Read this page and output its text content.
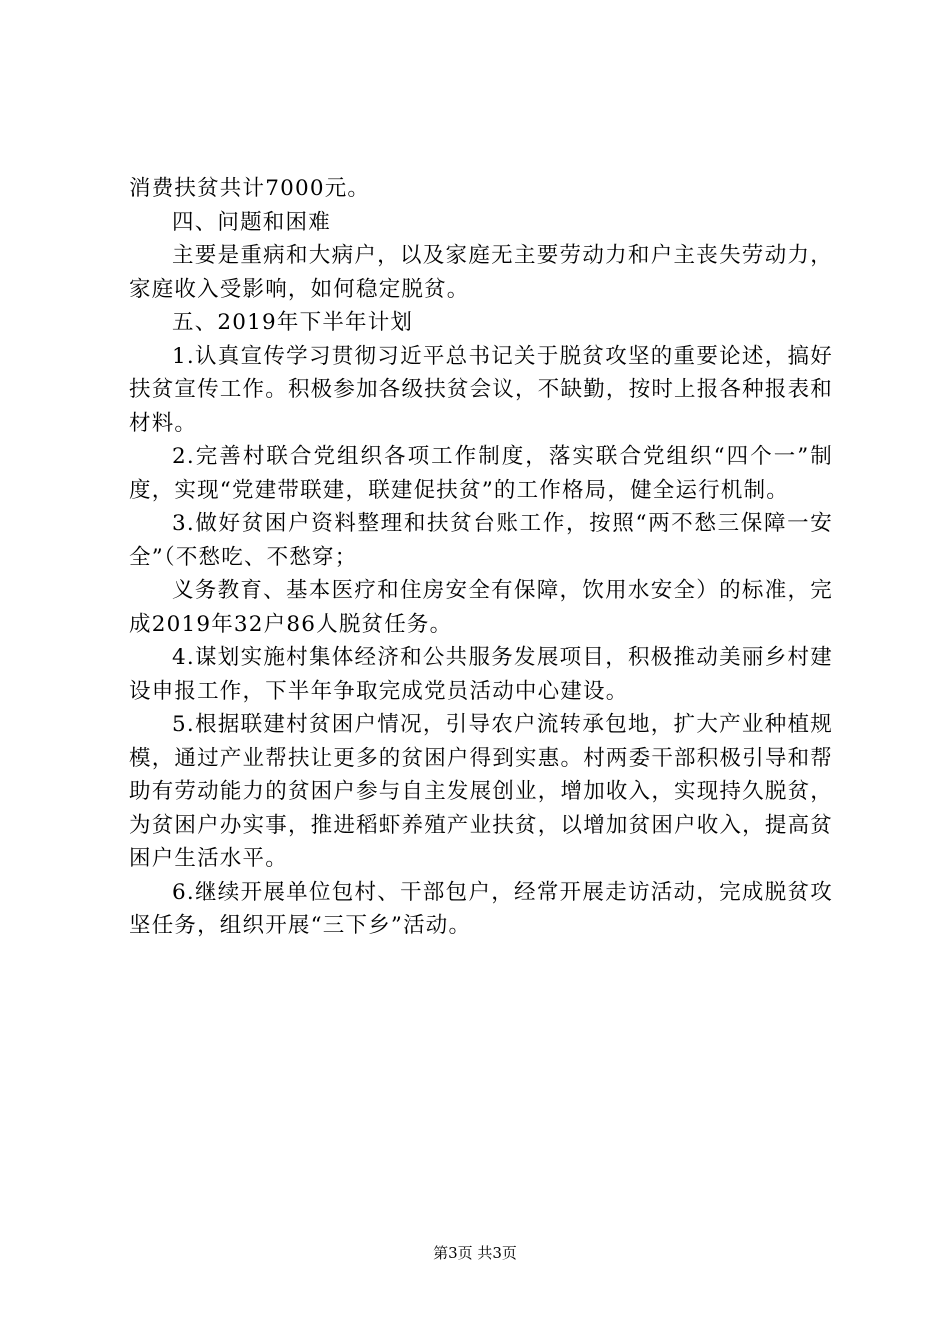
消费扶贫共计7000元。

四、问题和困难

主要是重病和大病户，以及家庭无主要劳动力和户主丧失劳动力，家庭收入受影响，如何稳定脱贫。

五、2019年下半年计划

1.认真宣传学习贯彻习近平总书记关于脱贫攻坚的重要论述，搞好扶贫宣传工作。积极参加各级扶贫会议，不缺勤，按时上报各种报表和材料。

2.完善村联合党组织各项工作制度，落实联合党组织“四个一”制度，实现“党建带联建，联建促扶贫”的工作格局，健全运行机制。

3.做好贫困户资料整理和扶贫台账工作，按照“两不愁三保障一安全”（不愁吃、不愁穿；

义务教育、基本医疗和住房安全有保障，饮用水安全）的标准，完成2019年32户86人脱贫任务。

4.谋划实施村集体经济和公共服务发展项目，积极推动美丽乡村建设申报工作，下半年争取完成党员活动中心建设。

5.根据联建村贫困户情况，引导农户流转承包地，扩大产业种植规模，通过产业帮扶让更多的贫困户得到实惠。村两委干部积极引导和帮助有劳动能力的贫困户参与自主发展创业，增加收入，实现持久脱贫，为贫困户办实事，推进稻虾养殖产业扶贫，以增加贫困户收入，提高贫困户生活水平。

6.继续开展单位包村、干部包户，经常开展走访活动，完成脱贫攻坚任务，组织开展“三下乡”活动。

第3页 共3页
